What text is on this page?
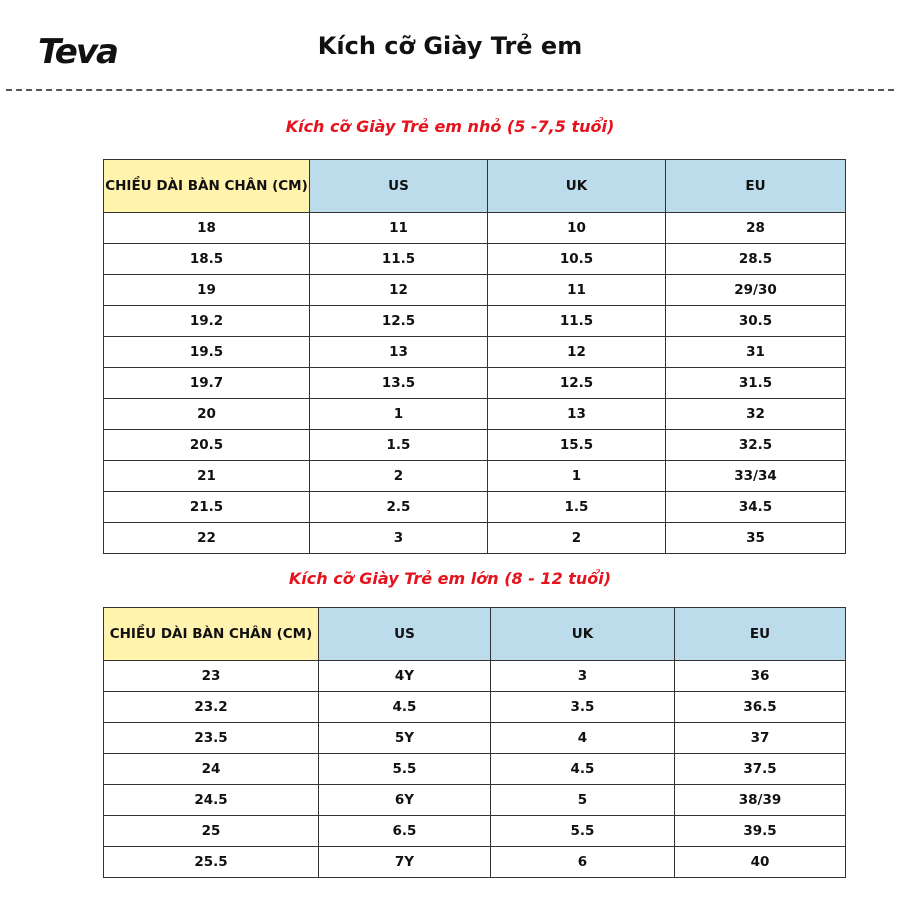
Teva	Kích cỡ Giày Trẻ em
Kích cỡ Giày Trẻ em nhỏ (5 -7,5 tuổi)
CHIỀU DÀI BÀN CHÂN (CM)	US	UK	EU
18	11	10	28
18.5	11.5	10.5	28.5
19	12	11	29/30
19.2	12.5	11.5	30.5
19.5	13	12	31
19.7	13.5	12.5	31.5
20	1	13	32
20.5	1.5	15.5	32.5
21	2	1	33/34
21.5	2.5	1.5	34.5
22	3	2	35
Kích cỡ Giày Trẻ em lớn (8 - 12 tuổi)
CHIỀU DÀI BÀN CHÂN (CM)	US	UK	EU
23	4Y	3	36
23.2	4.5	3.5	36.5
23.5	5Y	4	37
24	5.5	4.5	37.5
24.5	6Y	5	38/39
25	6.5	5.5	39.5
25.5	7Y	6	40
